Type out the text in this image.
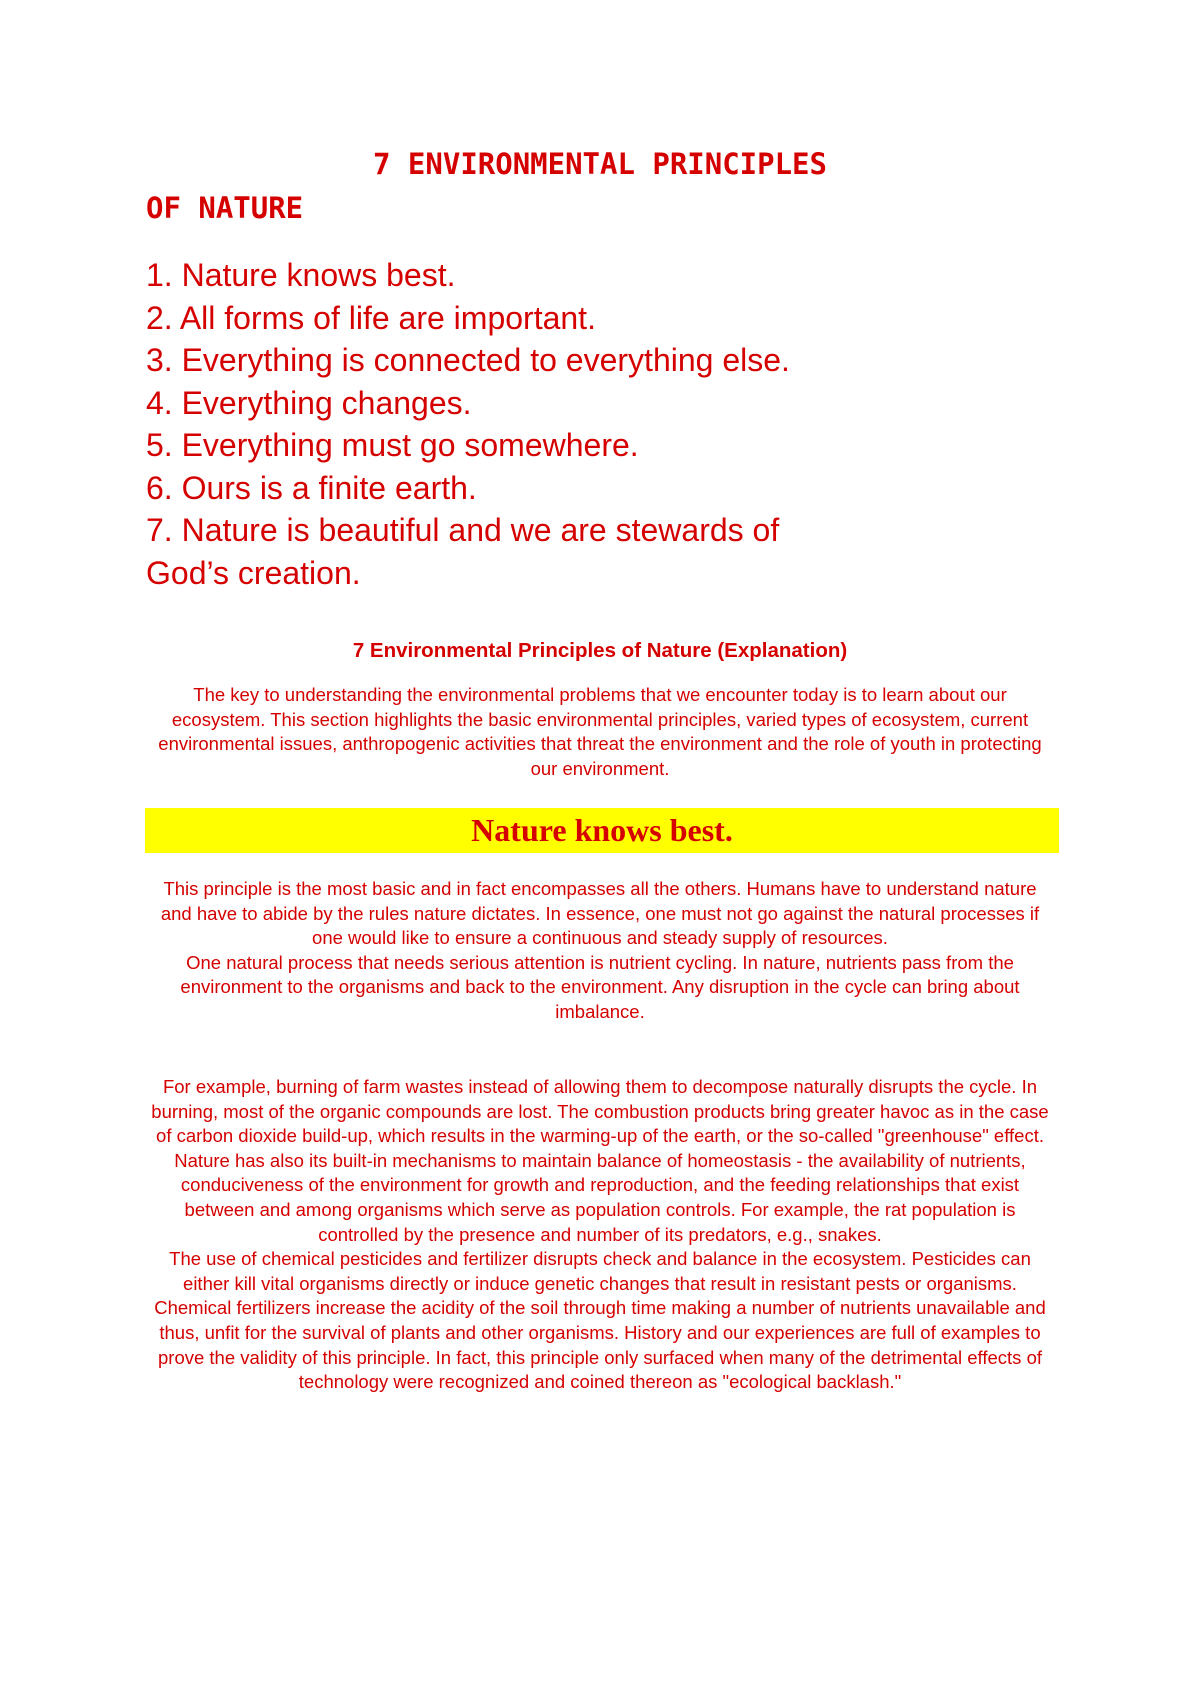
7 ENVIRONMENTAL PRINCIPLES
OF NATURE
1. Nature knows best.
2. All forms of life are important.
3. Everything is connected to everything else.
4. Everything changes.
5. Everything must go somewhere.
6. Ours is a finite earth.
7. Nature is beautiful and we are stewards of God’s creation.
7 Environmental Principles of Nature (Explanation)

The key to understanding the environmental problems that we encounter today is to learn about our ecosystem. This section highlights the basic environmental principles, varied types of ecosystem, current environmental issues, anthropogenic activities that threat the environment and the role of youth in protecting our environment.

Nature knows best.

This principle is the most basic and in fact encompasses all the others. Humans have to understand nature and have to abide by the rules nature dictates. In essence, one must not go against the natural processes if one would like to ensure a continuous and steady supply of resources.
One natural process that needs serious attention is nutrient cycling. In nature, nutrients pass from the environment to the organisms and back to the environment. Any disruption in the cycle can bring about imbalance.

For example, burning of farm wastes instead of allowing them to decompose naturally disrupts the cycle. In burning, most of the organic compounds are lost. The combustion products bring greater havoc as in the case of carbon dioxide build-up, which results in the warming-up of the earth, or the so-called "greenhouse" effect.
Nature has also its built-in mechanisms to maintain balance of homeostasis - the availability of nutrients, conduciveness of the environment for growth and reproduction, and the feeding relationships that exist between and among organisms which serve as population controls. For example, the rat population is controlled by the presence and number of its predators, e.g., snakes.
The use of chemical pesticides and fertilizer disrupts check and balance in the ecosystem. Pesticides can either kill vital organisms directly or induce genetic changes that result in resistant pests or organisms. Chemical fertilizers increase the acidity of the soil through time making a number of nutrients unavailable and thus, unfit for the survival of plants and other organisms. History and our experiences are full of examples to prove the validity of this principle. In fact, this principle only surfaced when many of the detrimental effects of technology were recognized and coined thereon as "ecological backlash."
